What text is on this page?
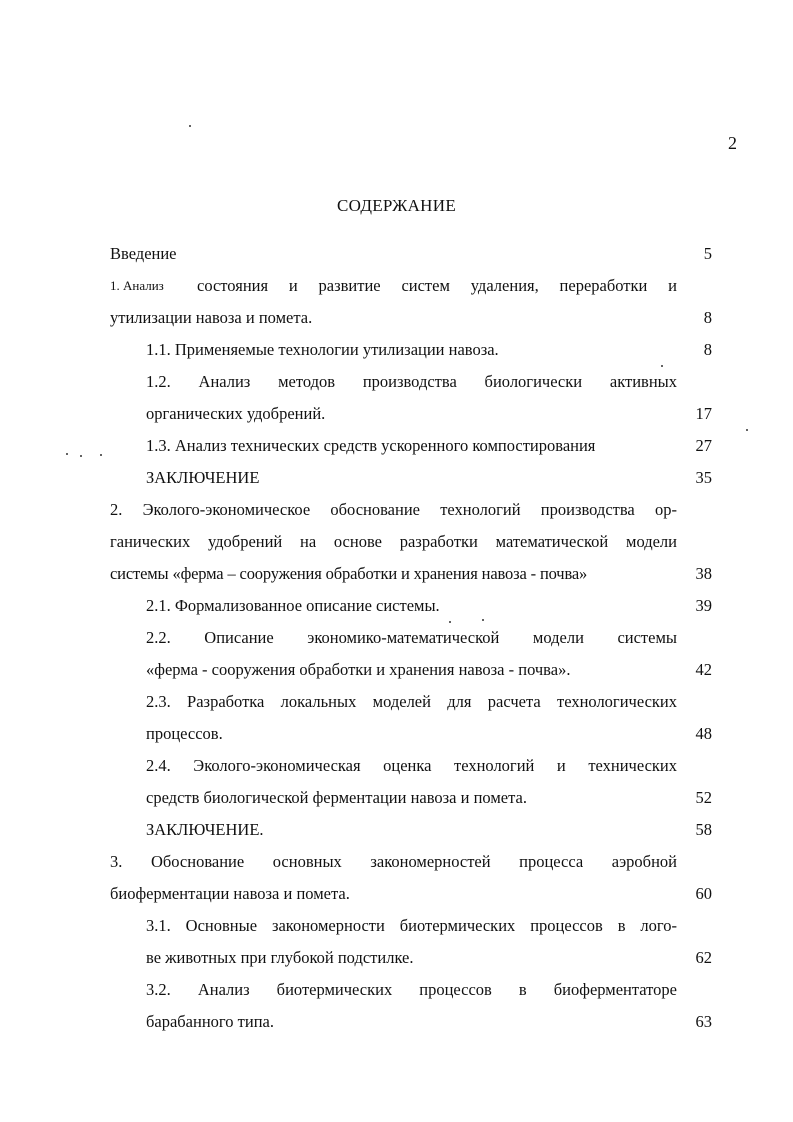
2
СОДЕРЖАНИЕ
Введение	5
1. Анализ состояния и развитие систем удаления, переработки и
утилизации навоза и помета.	8
1.1. Применяемые технологии утилизации навоза.	8
1.2. Анализ методов производства биологически активных
органических удобрений.	17
1.3. Анализ технических средств ускоренного компостирования	27
ЗАКЛЮЧЕНИЕ	35
2. Эколого-экономическое обоснование технологий производства ор-
ганических удобрений на основе разработки математической модели
системы «ферма – сооружения обработки и хранения навоза - почва»	38
2.1. Формализованное описание системы.	39
2.2. Описание экономико-математической модели системы
«ферма - сооружения обработки и хранения навоза - почва».	42
2.3. Разработка локальных моделей для расчета технологических
процессов.	48
2.4. Эколого-экономическая оценка технологий и технических
средств биологической ферментации навоза и помета.	52
ЗАКЛЮЧЕНИЕ.	58
3. Обоснование основных закономерностей процесса аэробной
биоферментации навоза и помета.	60
3.1. Основные закономерности биотермических процессов в лого-
ве животных при глубокой подстилке.	62
3.2. Анализ биотермических процессов в биоферментаторе
барабанного типа.	63
